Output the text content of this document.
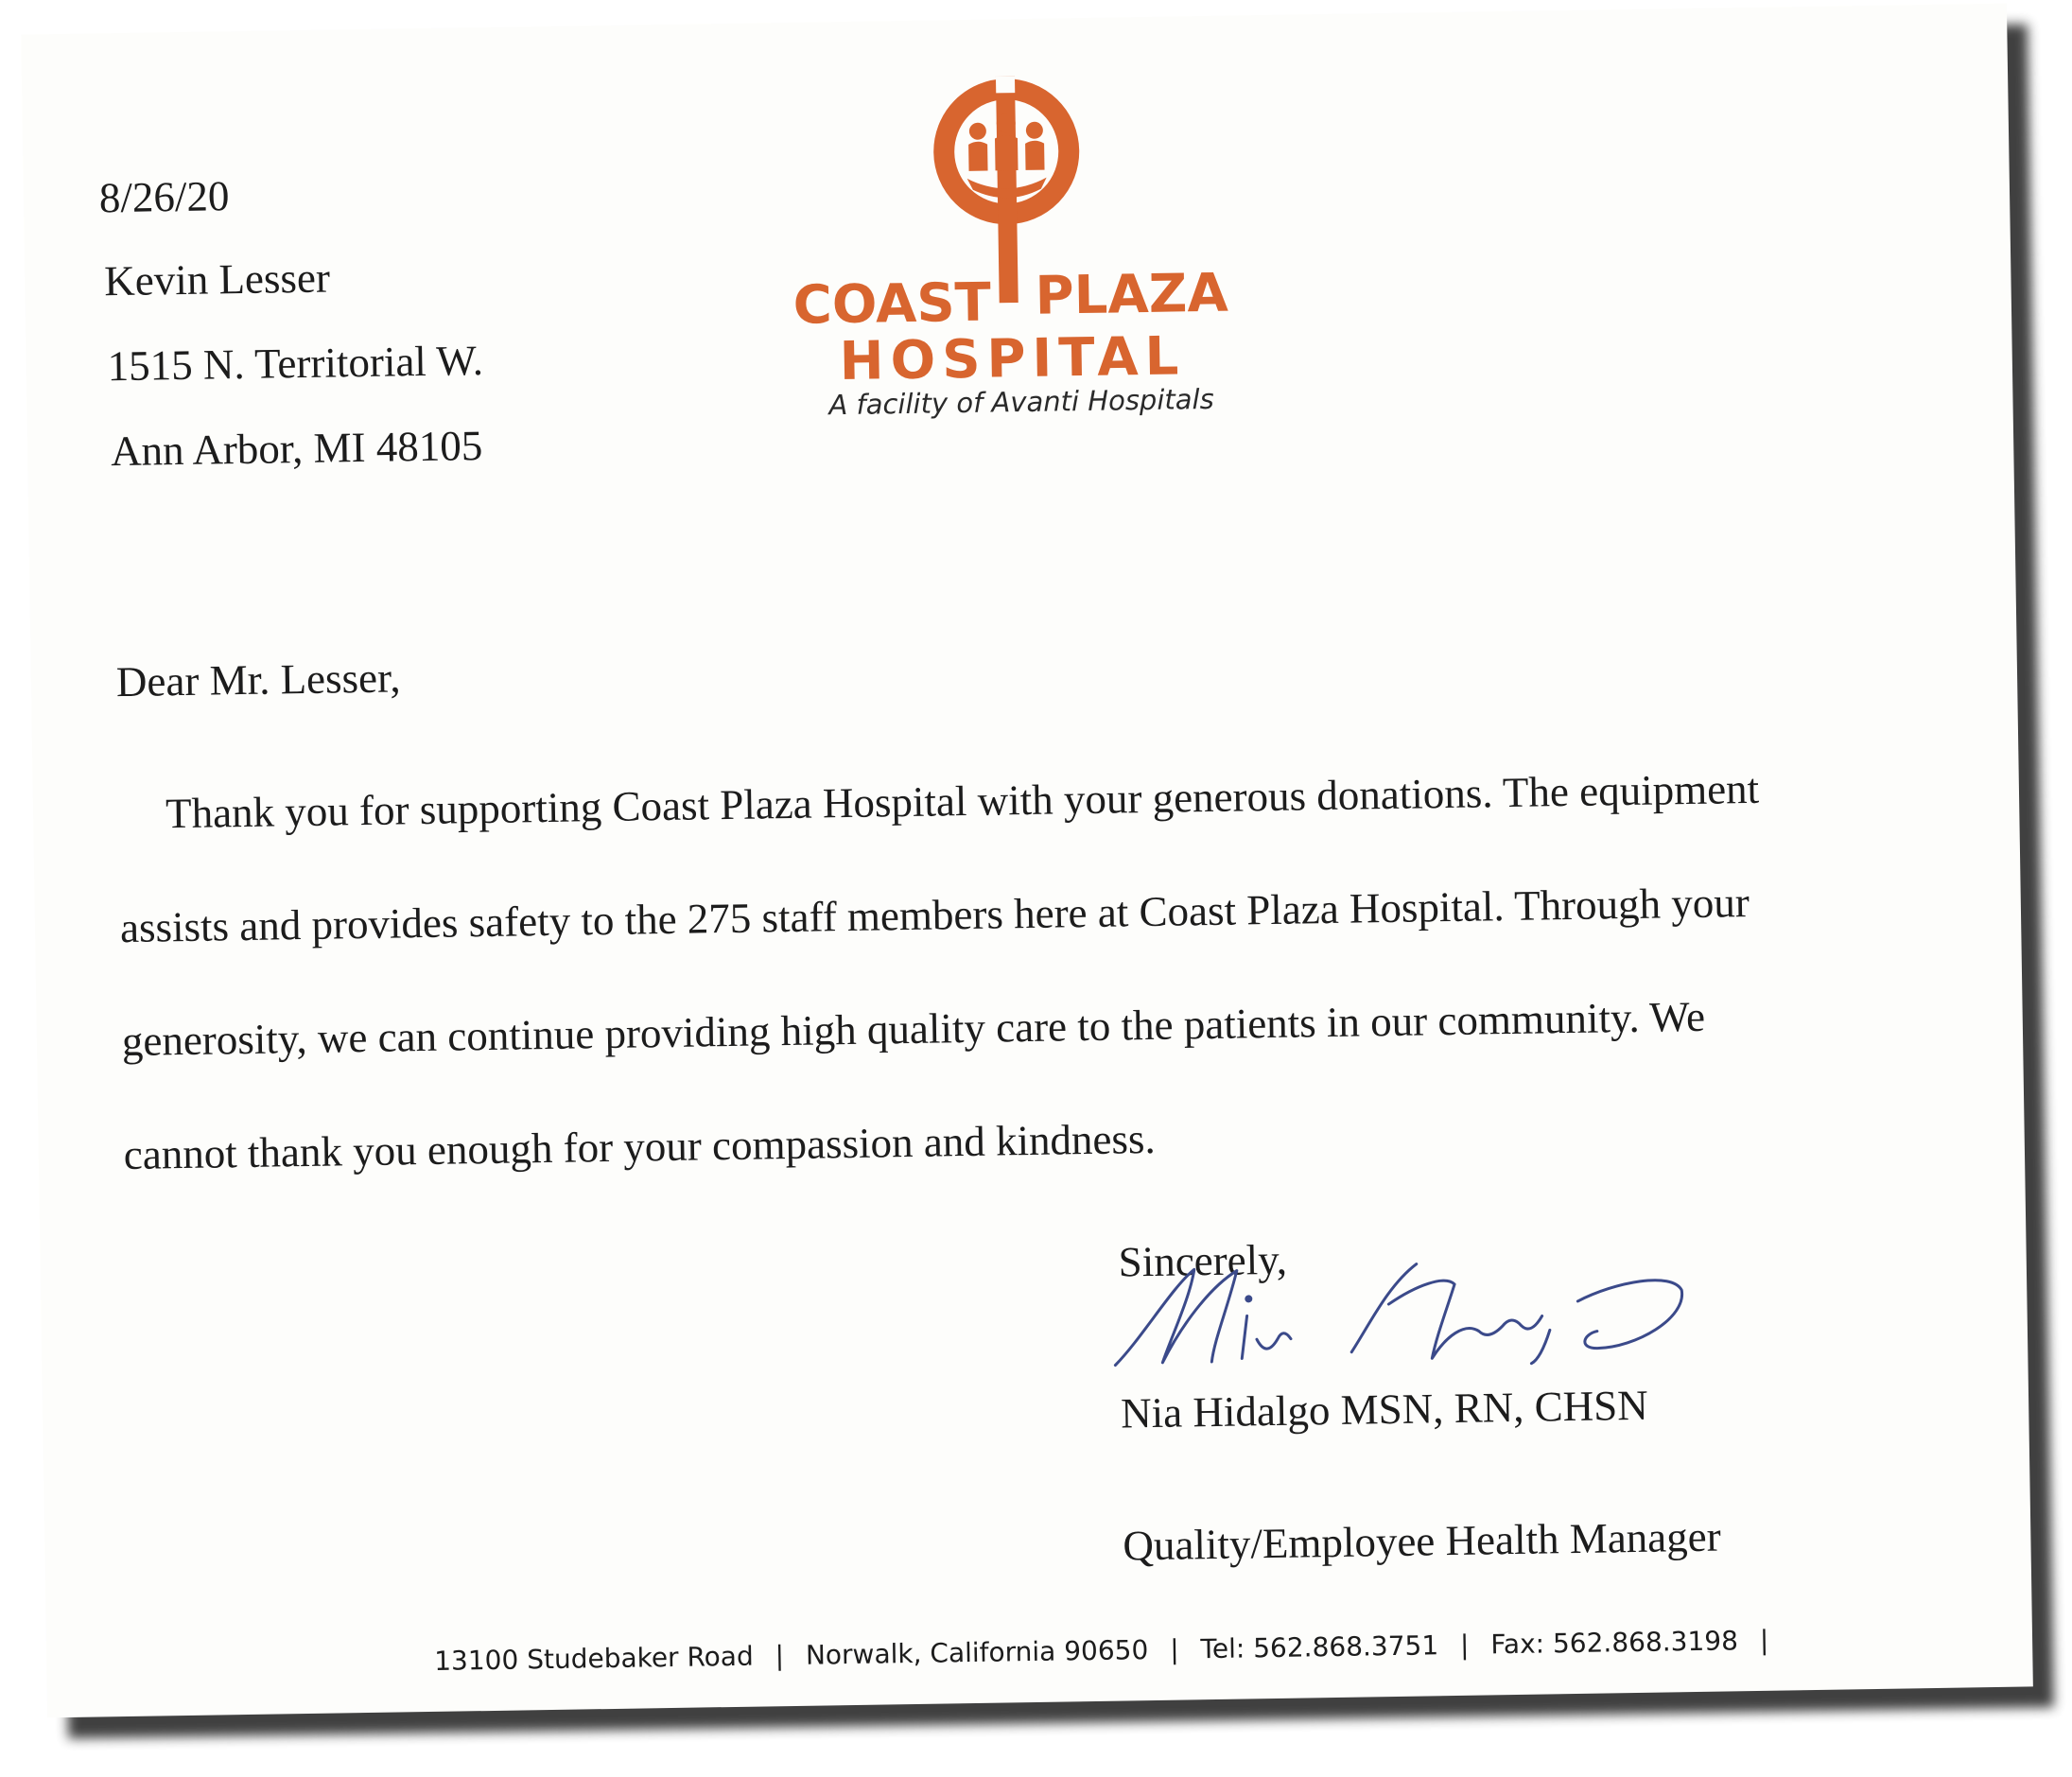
8/26/20
Kevin Lesser
1515 N. Territorial W.
Ann Arbor, MI 48105
COAST PLAZA
HOSPITAL
A facility of Avanti Hospitals
Dear Mr. Lesser,
Thank you for supporting Coast Plaza Hospital with your generous donations. The equipment
assists and provides safety to the 275 staff members here at Coast Plaza Hospital. Through your
generosity, we can continue providing high quality care to the patients in our community. We
cannot thank you enough for your compassion and kindness.
Sincerely,
Nia Hidalgo MSN, RN, CHSN
Quality/Employee Health Manager
13100 Studebaker Road | Norwalk, California 90650 | Tel: 562.868.3751 | Fax: 562.868.3198 |
